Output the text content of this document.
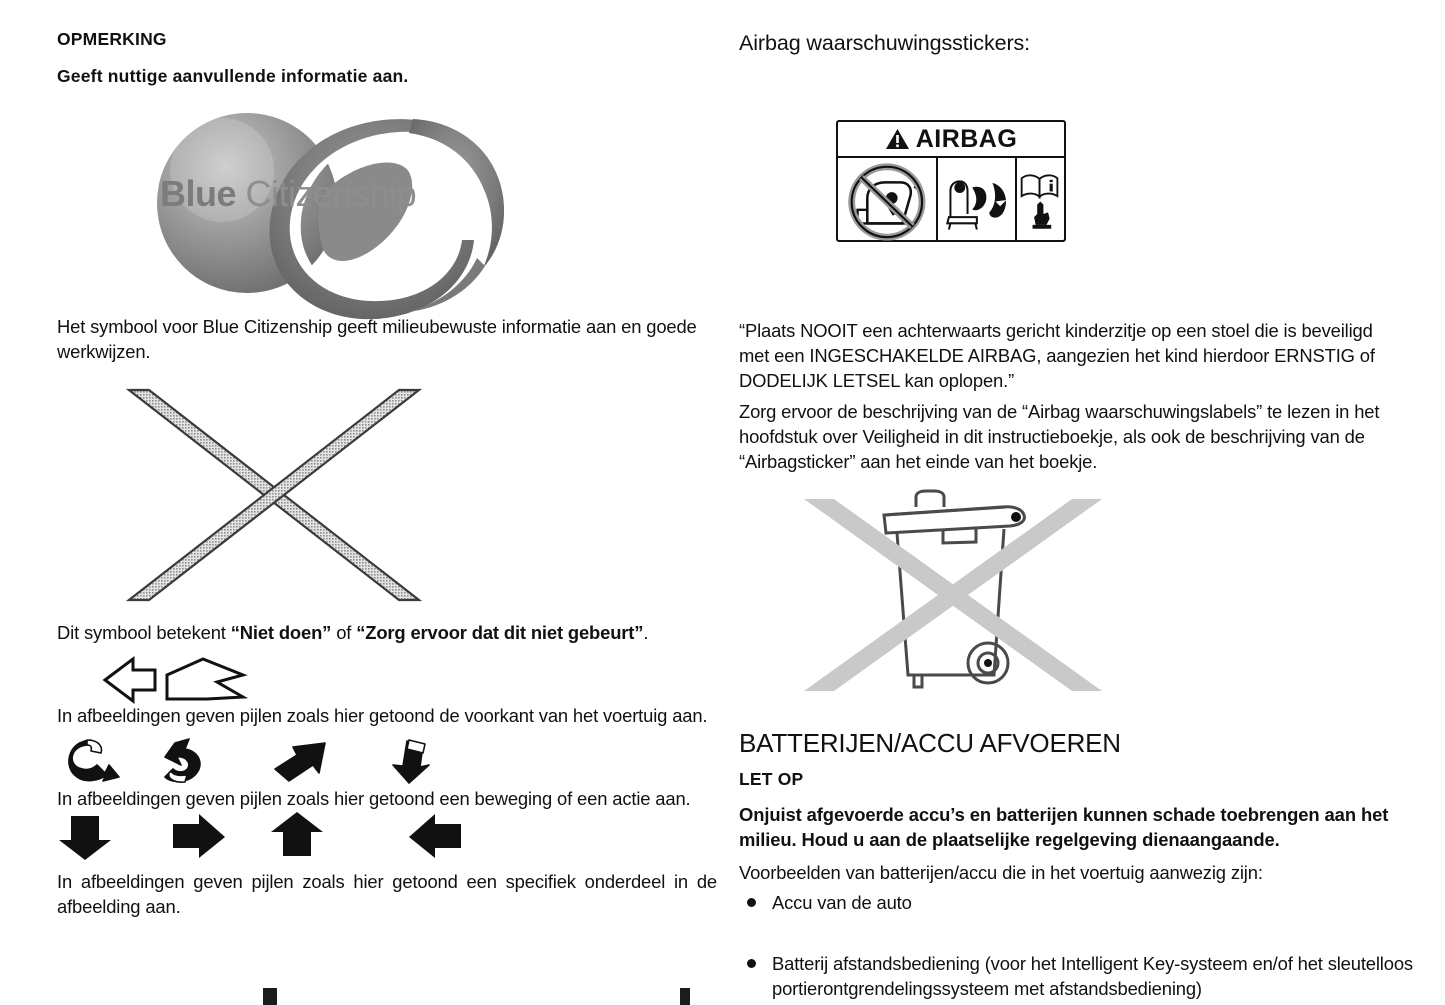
OPMERKING
Geeft nuttige aanvullende informatie aan.
Blue Citizenship
Het symbool voor Blue Citizenship geeft milieubewuste informatie aan en goede werkwijzen.
Dit symbool betekent “Niet doen” of “Zorg ervoor dat dit niet gebeurt”.
In afbeeldingen geven pijlen zoals hier getoond de voorkant van het voertuig aan.
In afbeeldingen geven pijlen zoals hier getoond een beweging of een actie aan.
In afbeeldingen geven pijlen zoals hier getoond een specifiek onderdeel in de afbeelding aan.
Airbag waarschuwingsstickers:
AIRBAG
“Plaats NOOIT een achterwaarts gericht kinderzitje op een stoel die is beveiligd met een INGESCHAKELDE AIRBAG, aangezien het kind hierdoor ERNSTIG of DODELIJK LETSEL kan oplopen.”
Zorg ervoor de beschrijving van de “Airbag waarschuwingslabels” te lezen in het hoofdstuk over Veiligheid in dit instructieboekje, als ook de beschrijving van de “Airbagsticker” aan het einde van het boekje.
BATTERIJEN/ACCU AFVOEREN
LET OP
Onjuist afgevoerde accu’s en batterijen kunnen schade toebrengen aan het milieu. Houd u aan de plaatselijke regelgeving dienaangaande.
Voorbeelden van batterijen/accu die in het voertuig aanwezig zijn:
Accu van de auto
Batterij afstandsbediening (voor het Intelligent Key-systeem en/of het sleutelloos portierontgrendelingssysteem met afstandsbediening)
